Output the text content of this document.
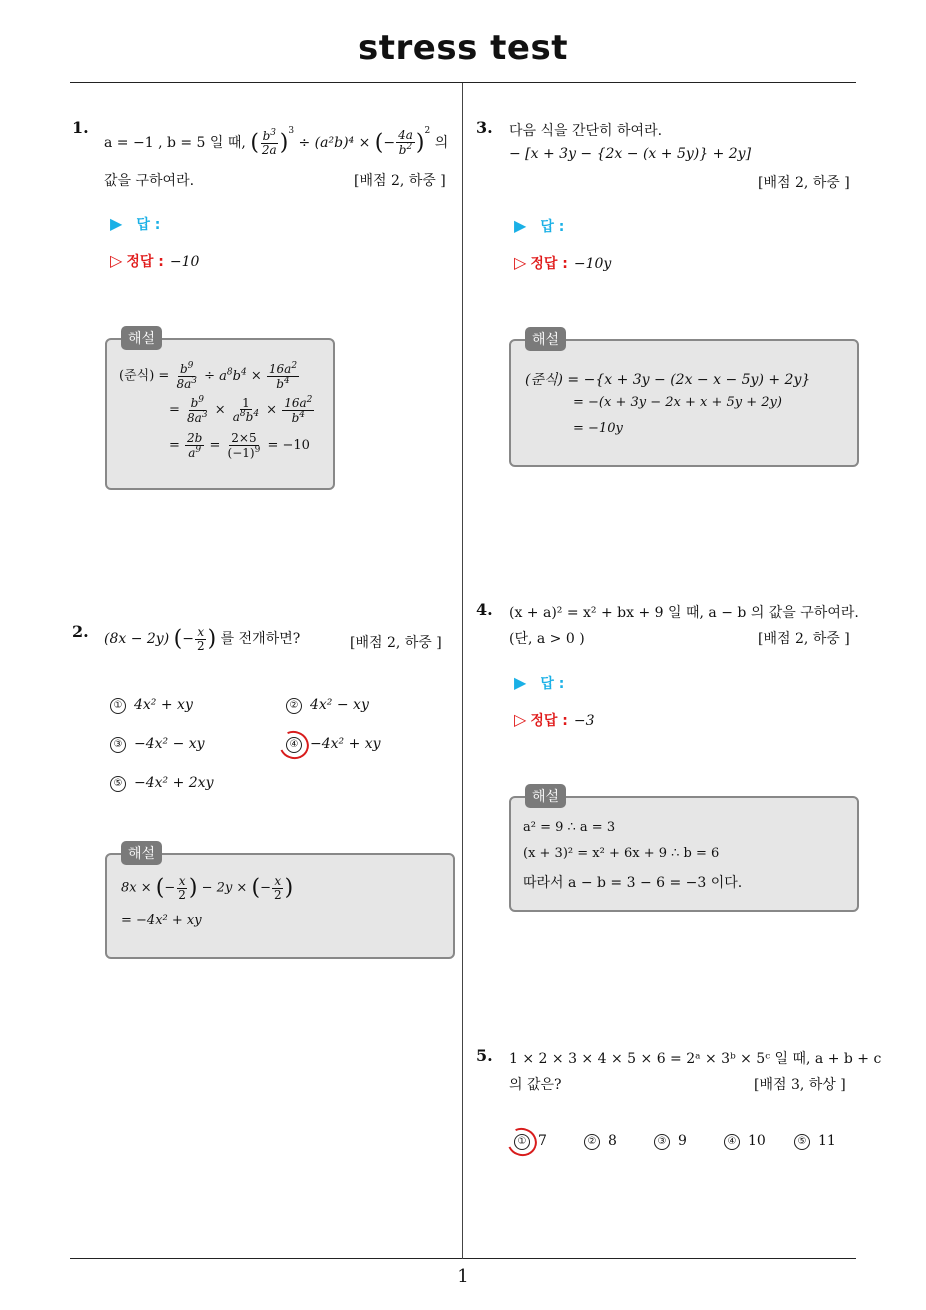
stress test
1
1.
a = −1 , b = 5 일 때, ( $\frac{b^3}{2a} )^3 \div (a^2b)^4$ × (− $\frac{4a}{b^2} )^2$ 의
값을 구하여라.	[배점 2, 하중 ]
▶ 답 :
▷ 정답 : −10
해설
(준식) = $\frac{b^9}{8a^3} \div a^8b^4 \times \frac{16a^2}{b^4}$
= $\frac{b^9}{8a^3} \times \frac{1}{a^8b^4} \times \frac{16a^2}{b^4}$
= $\frac{2b}{a^9} = \frac{2\times 5}{(-1)^9} = -10$
2. (8x − 2y) (− $\frac{x}{2}$ ) 를 전개하면?	[배점 2, 하중 ]
① 4x² + xy	② 4x² − xy
③ −4x² − xy	④ −4x² + xy
⑤ −4x² + 2xy
해설
8x × (− $\frac{x}{2}$ ) − 2y × (− $\frac{x}{2}$ )
= −4x² + xy
3. 다음 식을 간단히 하여라.
− [x + 3y − {2x − (x + 5y)} + 2y]
[배점 2, 하중 ]
▶ 답 :
▷ 정답 : −10y
해설
(준식) = −{x + 3y − (2x − x − 5y) + 2y}
= −(x + 3y − 2x + x + 5y + 2y)
= −10y
4. (x + a)² = x² + bx + 9 일 때, a − b 의 값을 구하여라.
(단, a > 0 )	[배점 2, 하중 ]
▶ 답 :
▷ 정답 : −3
해설
a² = 9 ∴ a = 3
(x + 3)² = x² + 6x + 9 ∴ b = 6
따라서 a − b = 3 − 6 = −3 이다.
5. 1 × 2 × 3 × 4 × 5 × 6 = 2ᵃ × 3ᵇ × 5ᶜ 일 때, a + b + c
의 값은?	[배점 3, 하상 ]
① 7	② 8	③ 9	④ 10	⑤ 11
